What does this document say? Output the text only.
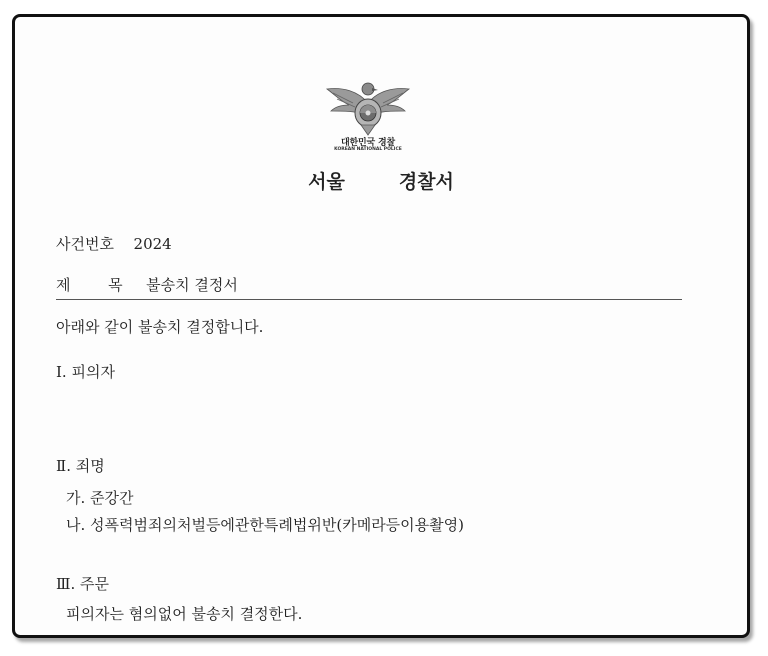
대한민국 경찰
KOREAN NATIONAL POLICE
서울	경찰서
사건번호 2024
제	목 불송치 결정서
아래와 같이 불송치 결정합니다.
Ⅰ. 피의자
Ⅱ. 죄명
가. 준강간
나. 성폭력범죄의처벌등에관한특례법위반(카메라등이용촬영)
Ⅲ. 주문
피의자는 혐의없어 불송치 결정한다.
